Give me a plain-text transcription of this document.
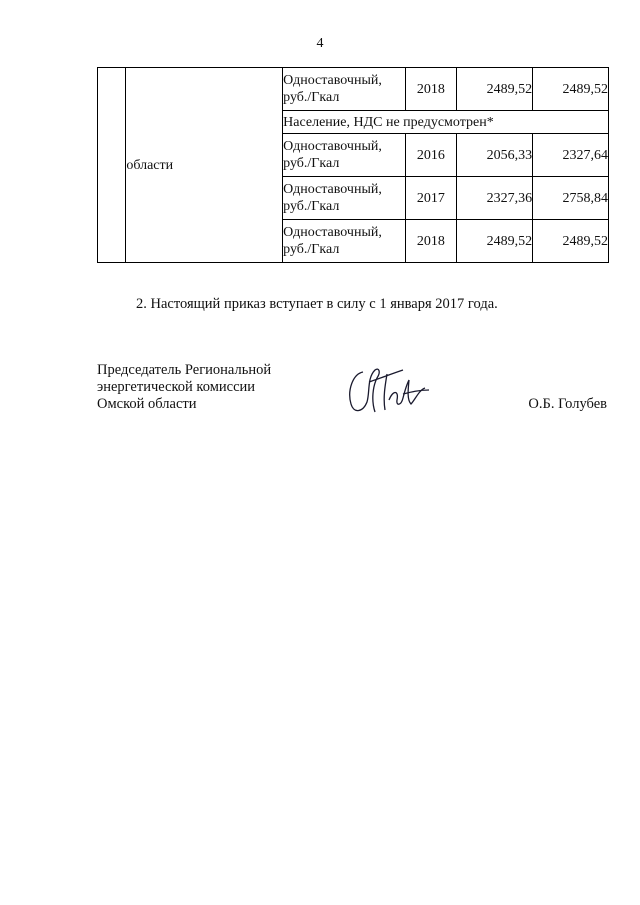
4
	области	Одноставочный, руб./Гкал	2018	2489,52	2489,52
		Население, НДС не предусмотрен*			
		Одноставочный, руб./Гкал	2016	2056,33	2327,64
		Одноставочный, руб./Гкал	2017	2327,36	2758,84
		Одноставочный, руб./Гкал	2018	2489,52	2489,52
2. Настоящий приказ вступает в силу с 1 января 2017 года.
Председатель Региональной
энергетической комиссии
Омской области	О.Б. Голубев
